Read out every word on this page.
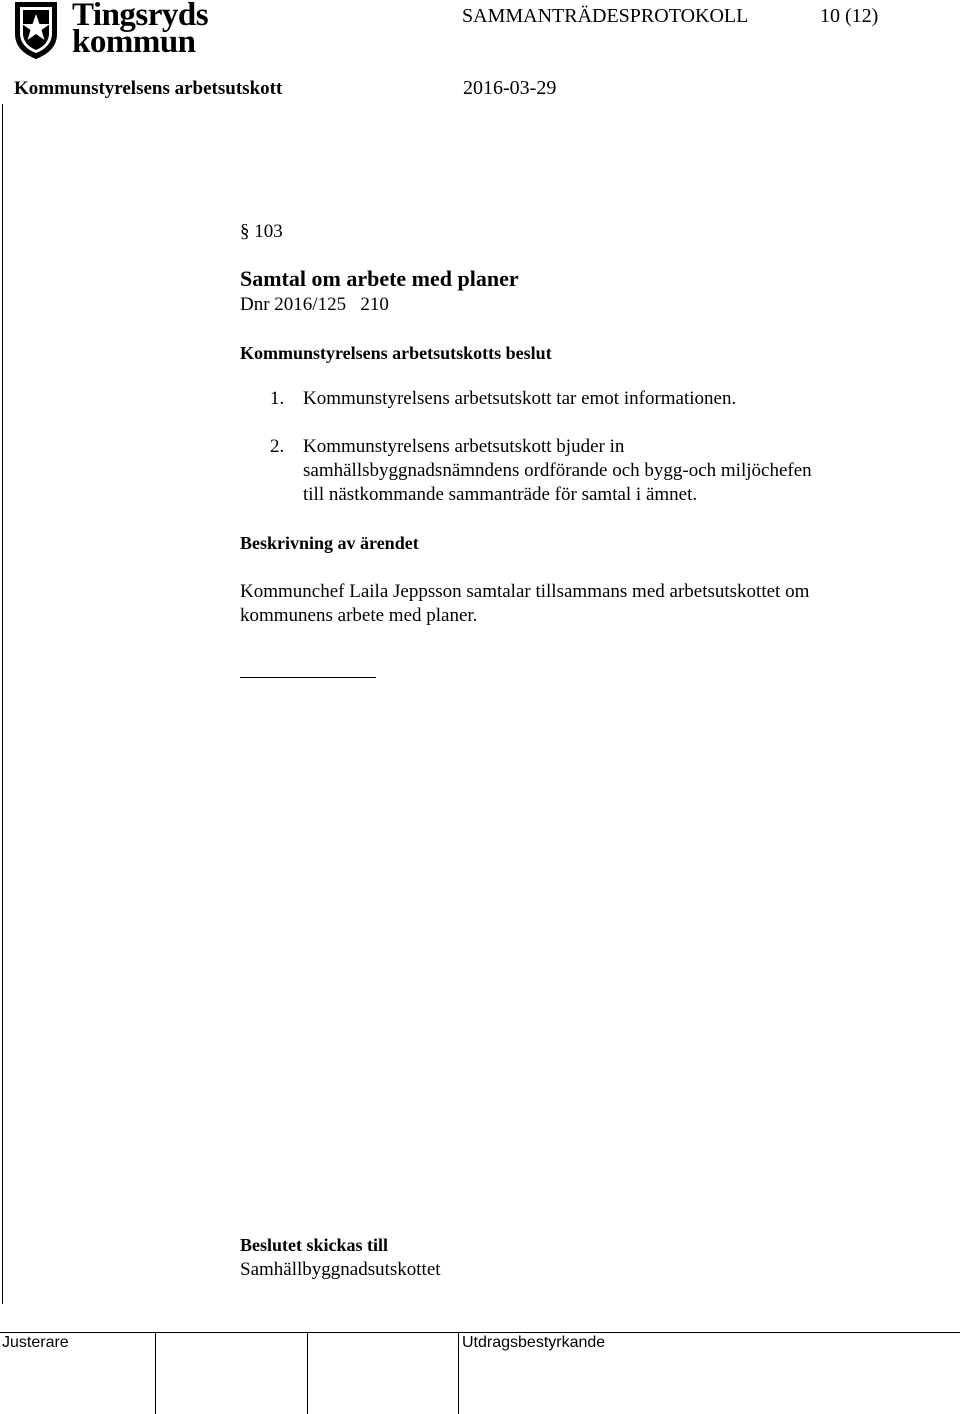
Tingsryds
kommun
SAMMANTRÄDESPROTOKOLL	10 (12)
Kommunstyrelsens arbetsutskott	2016-03-29
§ 103
Samtal om arbete med planer
Dnr 2016/125   210
Kommunstyrelsens arbetsutskotts beslut
1. Kommunstyrelsens arbetsutskott tar emot informationen.
2. Kommunstyrelsens arbetsutskott bjuder in
samhällsbyggnadsnämndens ordförande och bygg-och miljöchefen
till nästkommande sammanträde för samtal i ämnet.
Beskrivning av ärendet
Kommunchef Laila Jeppsson samtalar tillsammans med arbetsutskottet om
kommunens arbete med planer.
Beslutet skickas till
Samhällbyggnadsutskottet
Justerare	Utdragsbestyrkande
